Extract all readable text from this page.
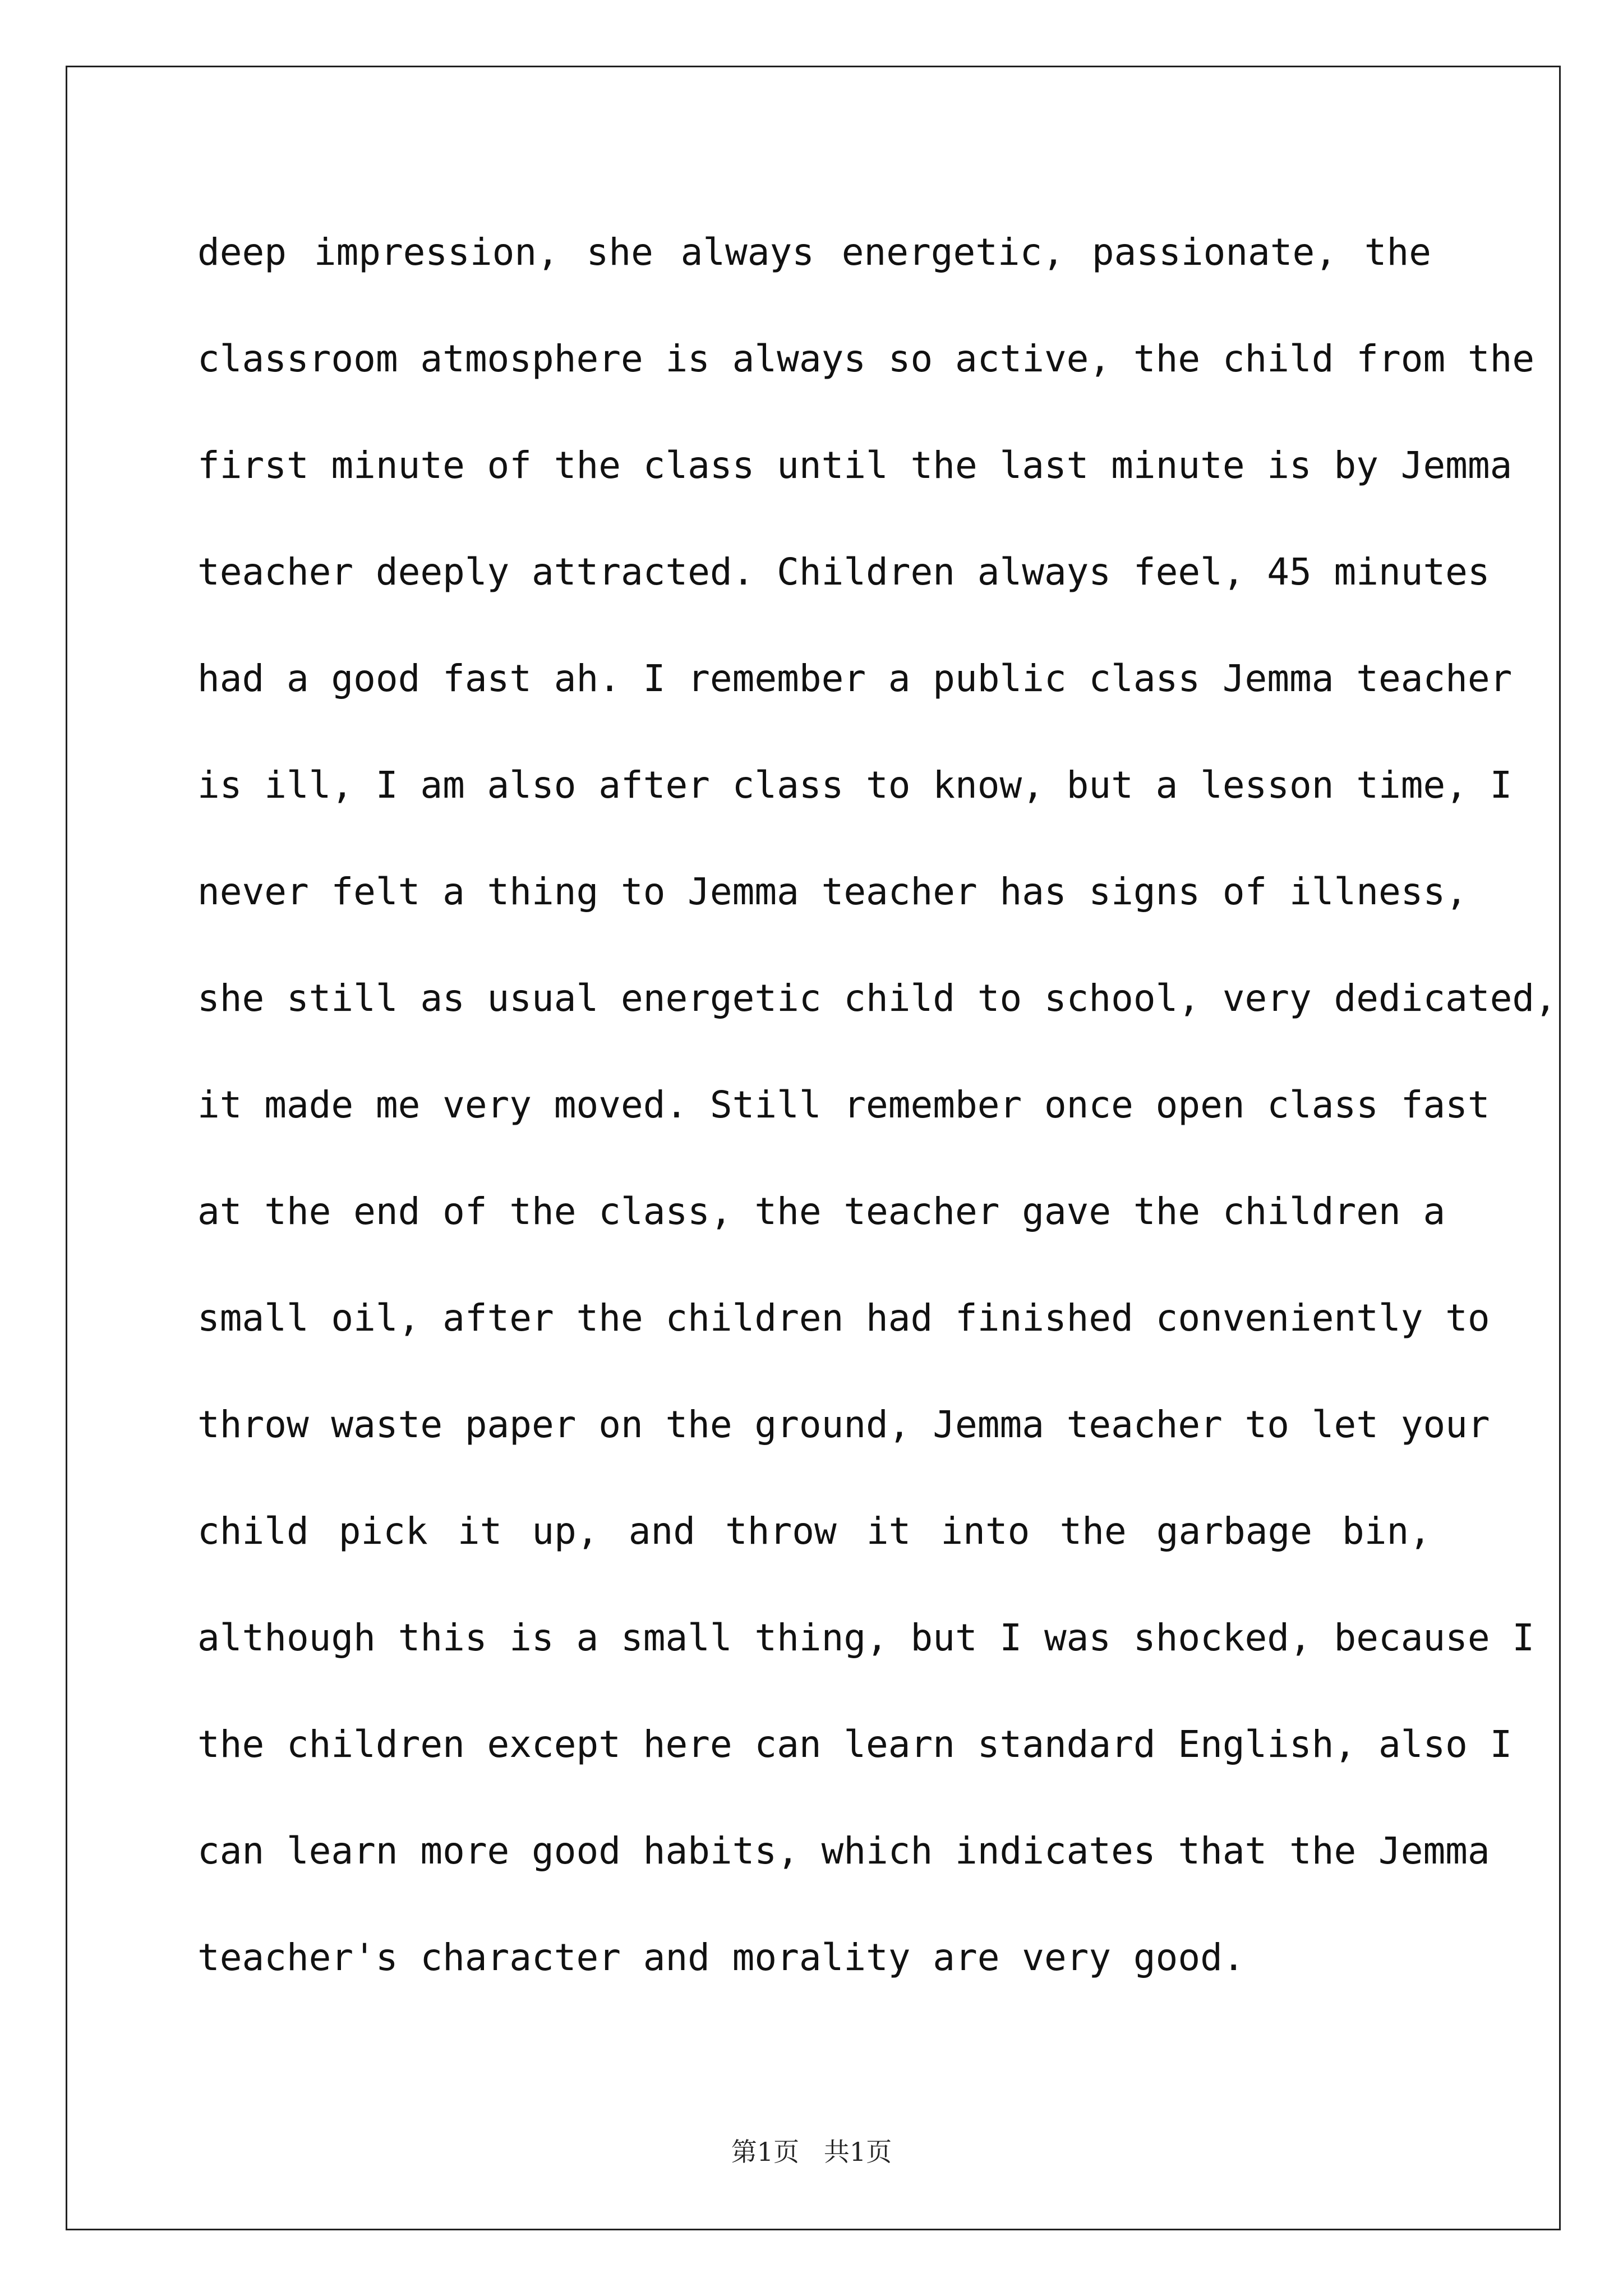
deep impression, she always energetic, passionate, the
classroom atmosphere is always so active, the child from the
first minute of the class until the last minute is by Jemma
teacher deeply attracted. Children always feel, 45 minutes
had a good fast ah. I remember a public class Jemma teacher
is ill, I am also after class to know, but a lesson time, I
never felt a thing to Jemma teacher has signs of illness,
she still as usual energetic child to school, very dedicated,
it made me very moved. Still remember once open class fast
at the end of the class, the teacher gave the children a
small oil, after the children had finished conveniently to
throw waste paper on the ground, Jemma teacher to let your
child pick it up, and throw it into the garbage bin,
although this is a small thing, but I was shocked, because I
the children except here can learn standard English, also I
can learn more good habits, which indicates that the Jemma
teacher's character and morality are very good.
第1页   共1页
